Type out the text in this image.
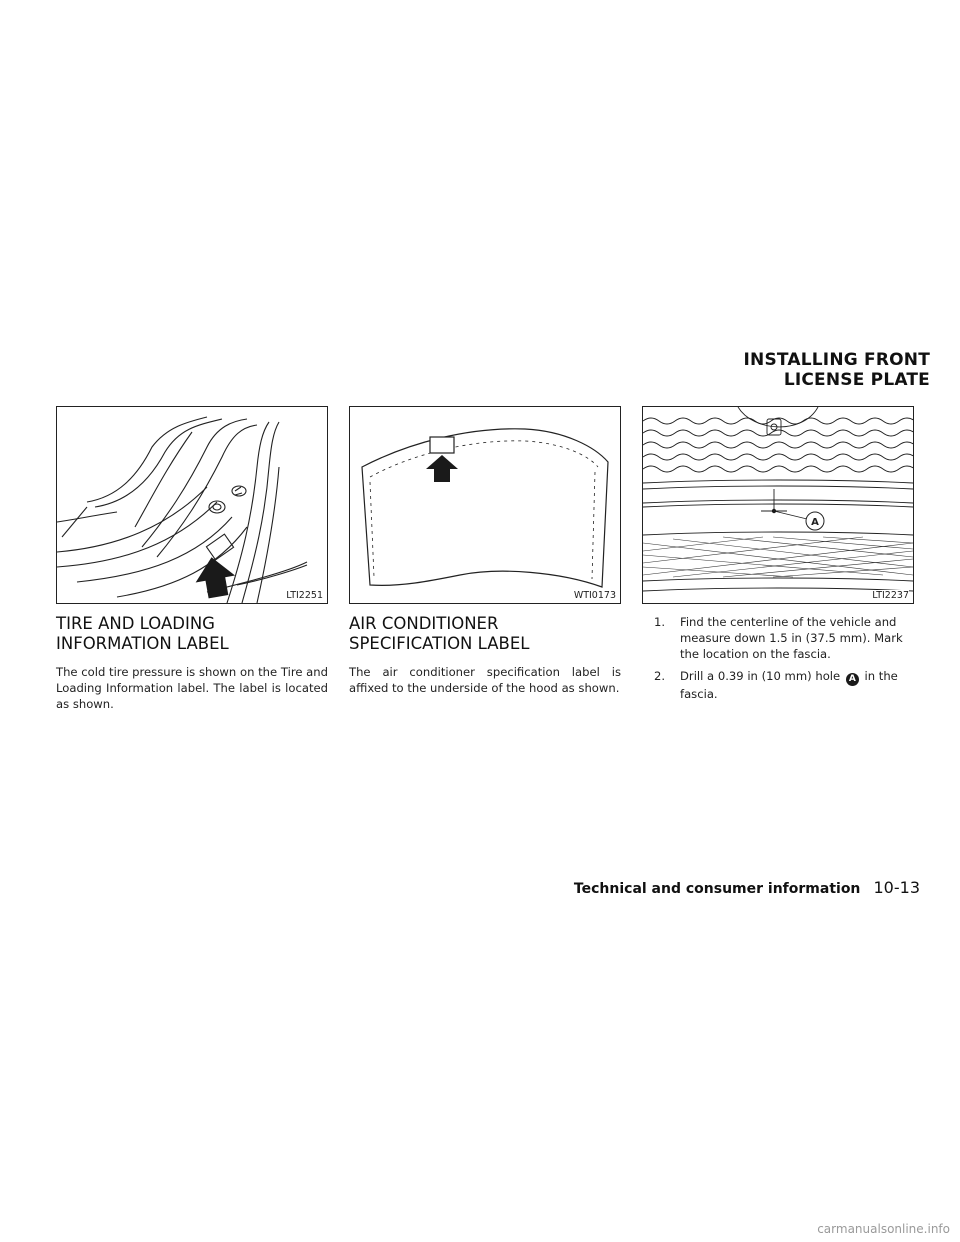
INSTALLING FRONT LICENSE PLATE
LTI2251
TIRE AND LOADING INFORMATION LABEL

The cold tire pressure is shown on the Tire and Loading Information label. The label is located as shown.

WTI0173
AIR CONDITIONER SPECIFICATION LABEL

The air conditioner specification label is affixed to the underside of the hood as shown.

A
LTI2237
1. Find the centerline of the vehicle and measure down 1.5 in (37.5 mm). Mark the location on the fascia.
2. Drill a 0.39 in (10 mm) hole A in the fascia.
Technical and consumer information 10-13
carmanualsonline.info
